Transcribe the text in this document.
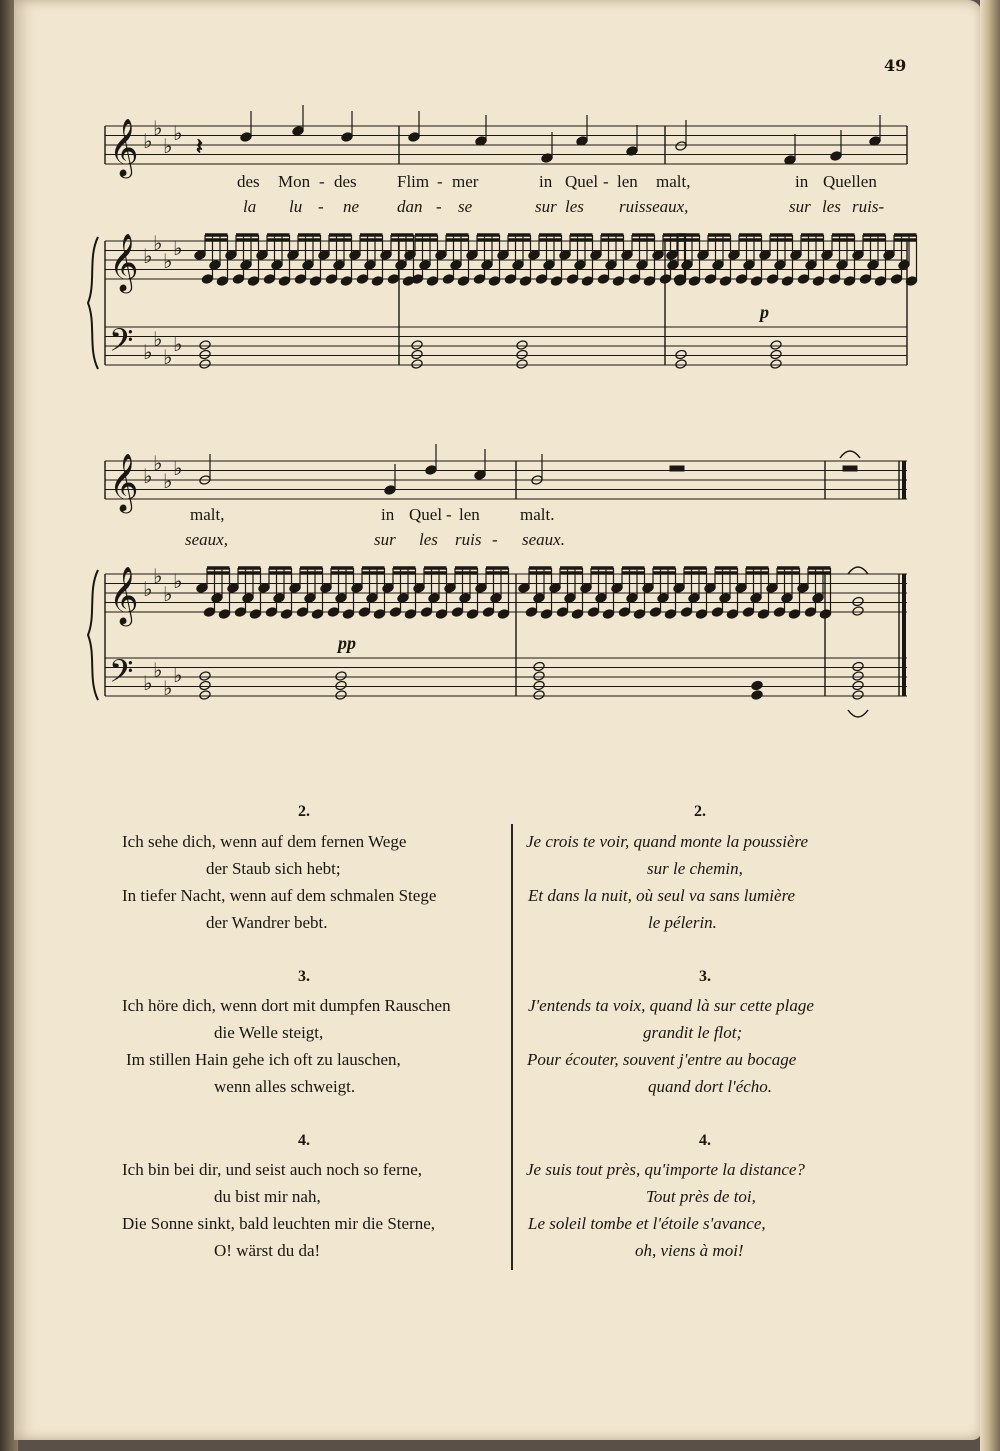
49
𝄞 ♭
♭
♭
♭
𝄞 ♭
♭
♭
♭
𝄢 ♭
♭
♭
♭
𝄞 ♭
♭
♭
♭
𝄞 ♭
♭
♭
♭
𝄢 ♭
♭
♭
♭
𝄽
des Mon - des Flim - mer	in Quel - len malt,	in Quellen
la lu - ne dan - se	sur les ruisseaux,	sur les ruis-
p
malt,	in Quel - len malt.
seaux,	sur les ruis - seaux.
pp
2.
Ich sehe dich, wenn auf dem fernen Wege
der Staub sich hebt;
In tiefer Nacht, wenn auf dem schmalen Stege
der Wandrer bebt.
3.
Ich höre dich, wenn dort mit dumpfen Rauschen
die Welle steigt,
Im stillen Hain gehe ich oft zu lauschen,
wenn alles schweigt.
4.
Ich bin bei dir, und seist auch noch so ferne,
du bist mir nah,
Die Sonne sinkt, bald leuchten mir die Sterne,
O! wärst du da!
2.
Je crois te voir, quand monte la poussière
sur le chemin,
Et dans la nuit, où seul va sans lumière
le pélerin.
3.
J'entends ta voix, quand là sur cette plage
grandit le flot;
Pour écouter, souvent j'entre au bocage
quand dort l'écho.
4.
Je suis tout près, qu'importe la distance?
Tout près de toi,
Le soleil tombe et l'étoile s'avance,
oh, viens à moi!
